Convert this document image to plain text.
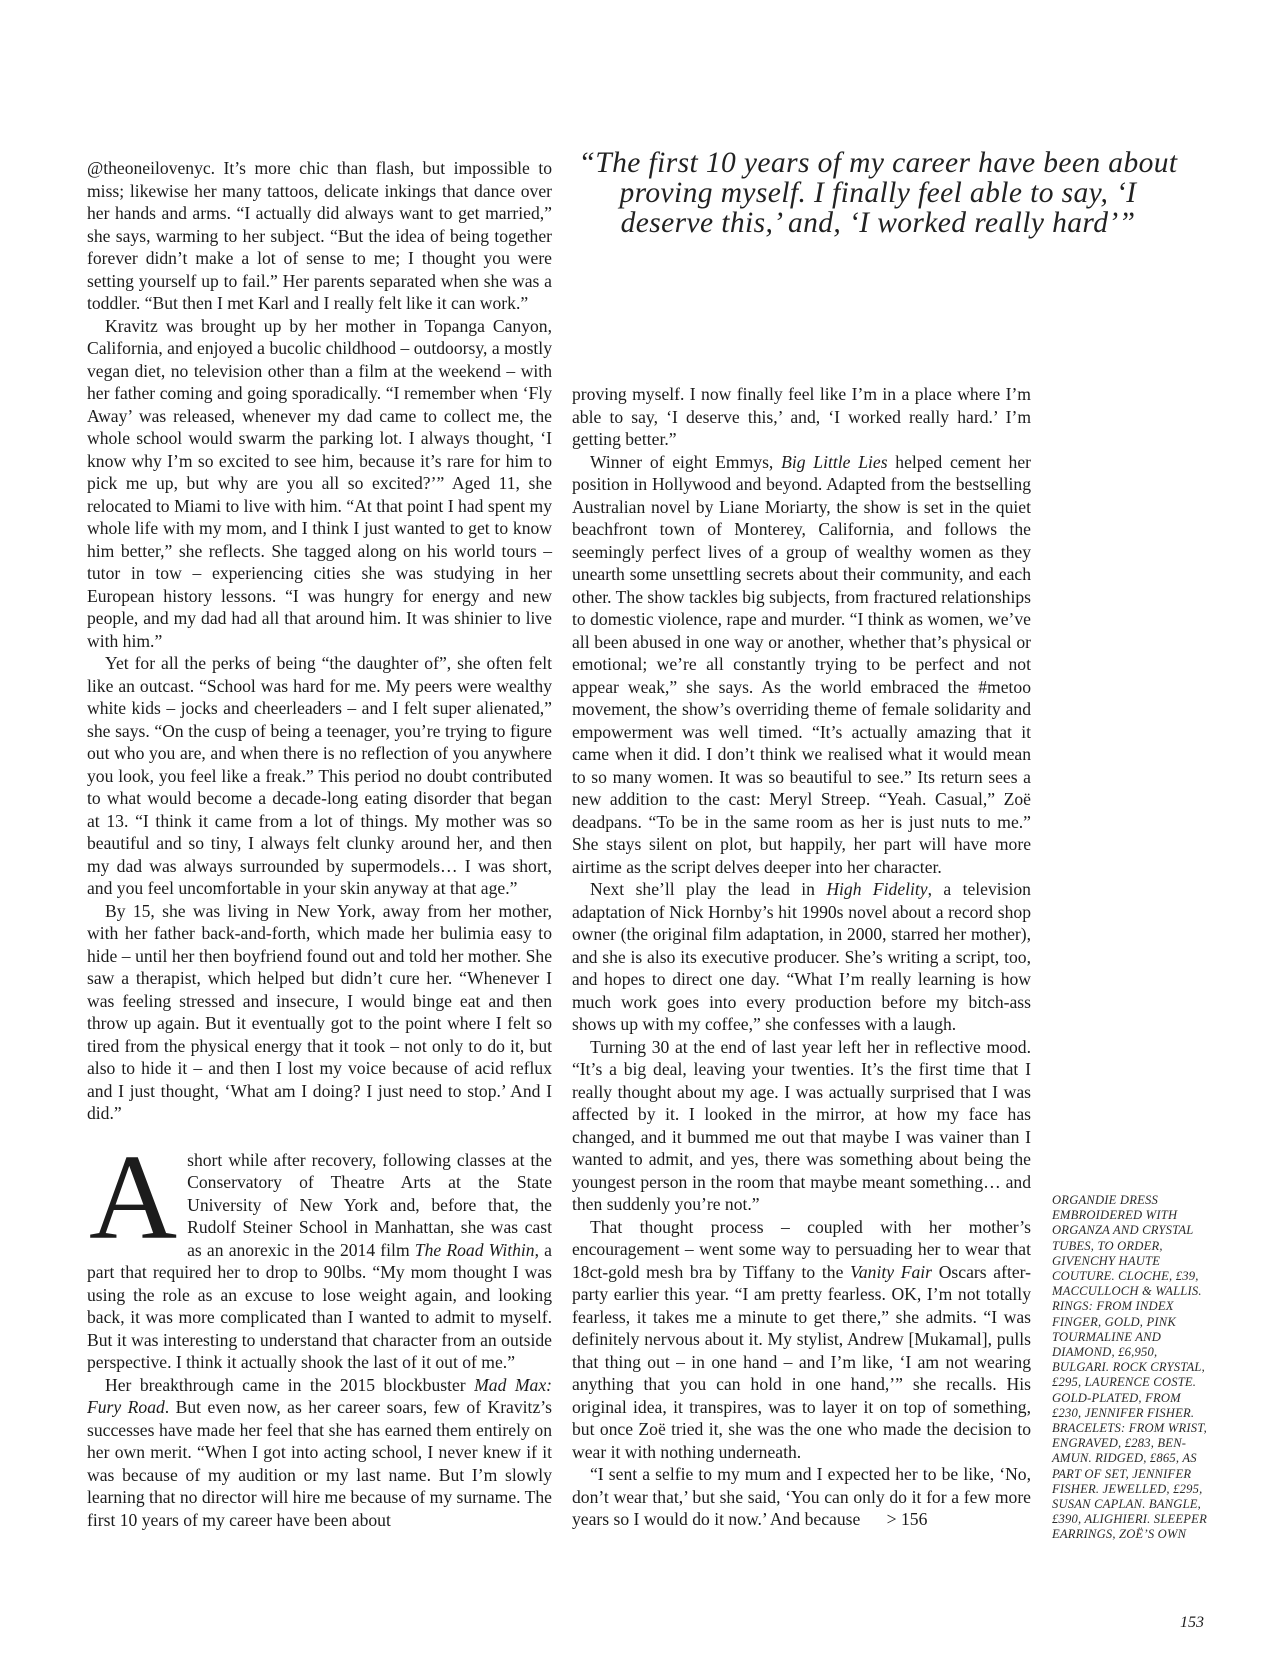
“The first 10 years of my career have been about proving myself. I finally feel able to say, ‘I deserve this,’ and, ‘I worked really hard’”

@theoneilovenyc. It’s more chic than flash, but impossible to miss; likewise her many tattoos, delicate inkings that dance over her hands and arms. “I actually did always want to get married,” she says, warming to her subject. “But the idea of being together forever didn’t make a lot of sense to me; I thought you were setting yourself up to fail.” Her parents separated when she was a toddler. “But then I met Karl and I really felt like it can work.”

Kravitz was brought up by her mother in Topanga Canyon, California, and enjoyed a bucolic childhood – outdoorsy, a mostly vegan diet, no television other than a film at the weekend – with her father coming and going sporadically. “I remember when ‘Fly Away’ was released, whenever my dad came to collect me, the whole school would swarm the parking lot. I always thought, ‘I know why I’m so excited to see him, because it’s rare for him to pick me up, but why are you all so excited?’” Aged 11, she relocated to Miami to live with him. “At that point I had spent my whole life with my mom, and I think I just wanted to get to know him better,” she reflects. She tagged along on his world tours – tutor in tow – experiencing cities she was studying in her European history lessons. “I was hungry for energy and new people, and my dad had all that around him. It was shinier to live with him.”

Yet for all the perks of being “the daughter of”, she often felt like an outcast. “School was hard for me. My peers were wealthy white kids – jocks and cheerleaders – and I felt super alienated,” she says. “On the cusp of being a teenager, you’re trying to figure out who you are, and when there is no reflection of you anywhere you look, you feel like a freak.” This period no doubt contributed to what would become a decade-long eating disorder that began at 13. “I think it came from a lot of things. My mother was so beautiful and so tiny, I always felt clunky around her, and then my dad was always surrounded by supermodels… I was short, and you feel uncomfortable in your skin anyway at that age.”

By 15, she was living in New York, away from her mother, with her father back-and-forth, which made her bulimia easy to hide – until her then boyfriend found out and told her mother. She saw a therapist, which helped but didn’t cure her. “Whenever I was feeling stressed and insecure, I would binge eat and then throw up again. But it eventually got to the point where I felt so tired from the physical energy that it took – not only to do it, but also to hide it – and then I lost my voice because of acid reflux and I just thought, ‘What am I doing? I just need to stop.’ And I did.”

A short while after recovery, following classes at the Conservatory of Theatre Arts at the State University of New York and, before that, the Rudolf Steiner School in Manhattan, she was cast as an anorexic in the 2014 film The Road Within, a part that required her to drop to 90lbs. “My mom thought I was using the role as an excuse to lose weight again, and looking back, it was more complicated than I wanted to admit to myself. But it was interesting to understand that character from an outside perspective. I think it actually shook the last of it out of me.”

Her breakthrough came in the 2015 blockbuster Mad Max: Fury Road. But even now, as her career soars, few of Kravitz’s successes have made her feel that she has earned them entirely on her own merit. “When I got into acting school, I never knew if it was because of my audition or my last name. But I’m slowly learning that no director will hire me because of my surname. The first 10 years of my career have been about

proving myself. I now finally feel like I’m in a place where I’m able to say, ‘I deserve this,’ and, ‘I worked really hard.’ I’m getting better.”

Winner of eight Emmys, Big Little Lies helped cement her position in Hollywood and beyond. Adapted from the bestselling Australian novel by Liane Moriarty, the show is set in the quiet beachfront town of Monterey, California, and follows the seemingly perfect lives of a group of wealthy women as they unearth some unsettling secrets about their community, and each other. The show tackles big subjects, from fractured relationships to domestic violence, rape and murder. “I think as women, we’ve all been abused in one way or another, whether that’s physical or emotional; we’re all constantly trying to be perfect and not appear weak,” she says. As the world embraced the #metoo movement, the show’s overriding theme of female solidarity and empowerment was well timed. “It’s actually amazing that it came when it did. I don’t think we realised what it would mean to so many women. It was so beautiful to see.” Its return sees a new addition to the cast: Meryl Streep. “Yeah. Casual,” Zoë deadpans. “To be in the same room as her is just nuts to me.” She stays silent on plot, but happily, her part will have more airtime as the script delves deeper into her character.

Next she’ll play the lead in High Fidelity, a television adaptation of Nick Hornby’s hit 1990s novel about a record shop owner (the original film adaptation, in 2000, starred her mother), and she is also its executive producer. She’s writing a script, too, and hopes to direct one day. “What I’m really learning is how much work goes into every production before my bitch-ass shows up with my coffee,” she confesses with a laugh.

Turning 30 at the end of last year left her in reflective mood. “It’s a big deal, leaving your twenties. It’s the first time that I really thought about my age. I was actually surprised that I was affected by it. I looked in the mirror, at how my face has changed, and it bummed me out that maybe I was vainer than I wanted to admit, and yes, there was something about being the youngest person in the room that maybe meant something… and then suddenly you’re not.”

That thought process – coupled with her mother’s encouragement – went some way to persuading her to wear that 18ct-gold mesh bra by Tiffany to the Vanity Fair Oscars after-party earlier this year. “I am pretty fearless. OK, I’m not totally fearless, it takes me a minute to get there,” she admits. “I was definitely nervous about it. My stylist, Andrew [Mukamal], pulls that thing out – in one hand – and I’m like, ‘I am not wearing anything that you can hold in one hand,’” she recalls. His original idea, it transpires, was to layer it on top of something, but once Zoë tried it, she was the one who made the decision to wear it with nothing underneath.

“I sent a selfie to my mum and I expected her to be like, ‘No, don’t wear that,’ but she said, ‘You can only do it for a few more years so I would do it now.’ And because > 156

ORGANDIE DRESS EMBROIDERED WITH ORGANZA AND CRYSTAL TUBES, TO ORDER, GIVENCHY HAUTE COUTURE. CLOCHE, £39, MACCULLOCH & WALLIS. RINGS: FROM INDEX FINGER, GOLD, PINK TOURMALINE AND DIAMOND, £6,950, BULGARI. ROCK CRYSTAL, £295, LAURENCE COSTE. GOLD-PLATED, FROM £230, JENNIFER FISHER. BRACELETS: FROM WRIST, ENGRAVED, £283, BEN-AMUN. RIDGED, £865, AS PART OF SET, JENNIFER FISHER. JEWELLED, £295, SUSAN CAPLAN. BANGLE, £390, ALIGHIERI. SLEEPER EARRINGS, ZOË’S OWN
153
